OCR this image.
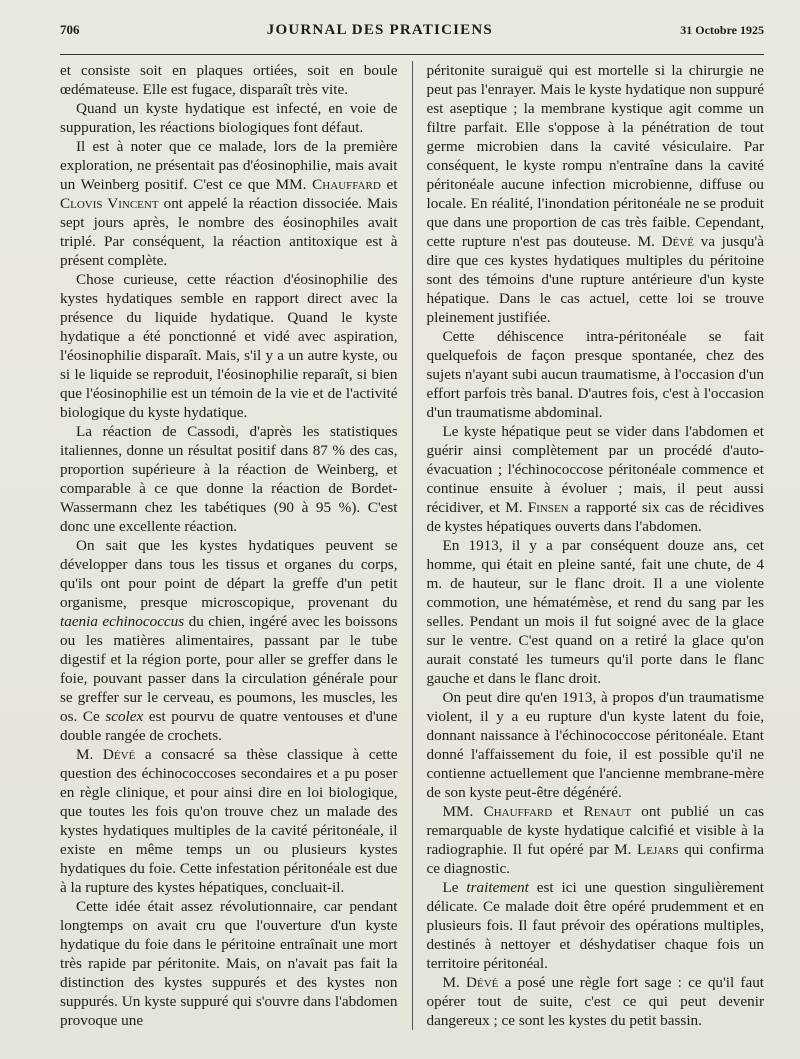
706	JOURNAL DES PRATICIENS	31 Octobre 1925

et consiste soit en plaques ortiées, soit en boule œdémateuse. Elle est fugace, disparaît très vite.

Quand un kyste hydatique est infecté, en voie de suppuration, les réactions biologiques font défaut.

Il est à noter que ce malade, lors de la première exploration, ne présentait pas d'éosinophilie, mais avait un Weinberg positif. C'est ce que MM. Chauffard et Clovis Vincent ont appelé la réaction dissociée. Mais sept jours après, le nombre des éosinophiles avait triplé. Par conséquent, la réaction antitoxique est à présent complète.

Chose curieuse, cette réaction d'éosinophilie des kystes hydatiques semble en rapport direct avec la présence du liquide hydatique. Quand le kyste hydatique a été ponctionné et vidé avec aspiration, l'éosinophilie disparaît. Mais, s'il y a un autre kyste, ou si le liquide se reproduit, l'éosinophilie reparaît, si bien que l'éosinophilie est un témoin de la vie et de l'activité biologique du kyste hydatique.

La réaction de Cassodi, d'après les statistiques italiennes, donne un résultat positif dans 87 % des cas, proportion supérieure à la réaction de Weinberg, et comparable à ce que donne la réaction de Bordet-Wassermann chez les tabétiques (90 à 95 %). C'est donc une excellente réaction.

On sait que les kystes hydatiques peuvent se développer dans tous les tissus et organes du corps, qu'ils ont pour point de départ la greffe d'un petit organisme, presque microscopique, provenant du taenia echinococcus du chien, ingéré avec les boissons ou les matières alimentaires, passant par le tube digestif et la région porte, pour aller se greffer dans le foie, pouvant passer dans la circulation générale pour se greffer sur le cerveau, es poumons, les muscles, les os. Ce scolex est pourvu de quatre ventouses et d'une double rangée de crochets.

M. Dévé a consacré sa thèse classique à cette question des échinococcoses secondaires et a pu poser en règle clinique, et pour ainsi dire en loi biologique, que toutes les fois qu'on trouve chez un malade des kystes hydatiques multiples de la cavité péritonéale, il existe en même temps un ou plusieurs kystes hydatiques du foie. Cette infestation péritonéale est due à la rupture des kystes hépatiques, concluait-il.

Cette idée était assez révolutionnaire, car pendant longtemps on avait cru que l'ouverture d'un kyste hydatique du foie dans le péritoine entraînait une mort très rapide par péritonite. Mais, on n'avait pas fait la distinction des kystes suppurés et des kystes non suppurés. Un kyste suppuré qui s'ouvre dans l'abdomen provoque une

péritonite suraiguë qui est mortelle si la chirurgie ne peut pas l'enrayer. Mais le kyste hydatique non suppuré est aseptique ; la membrane kystique agit comme un filtre parfait. Elle s'oppose à la pénétration de tout germe microbien dans la cavité vésiculaire. Par conséquent, le kyste rompu n'entraîne dans la cavité péritonéale aucune infection microbienne, diffuse ou locale. En réalité, l'inondation péritonéale ne se produit que dans une proportion de cas très faible. Cependant, cette rupture n'est pas douteuse. M. Dévé va jusqu'à dire que ces kystes hydatiques multiples du péritoine sont des témoins d'une rupture antérieure d'un kyste hépatique. Dans le cas actuel, cette loi se trouve pleinement justifiée.

Cette déhiscence intra-péritonéale se fait quelquefois de façon presque spontanée, chez des sujets n'ayant subi aucun traumatisme, à l'occasion d'un effort parfois très banal. D'autres fois, c'est à l'occasion d'un traumatisme abdominal.

Le kyste hépatique peut se vider dans l'abdomen et guérir ainsi complètement par un procédé d'auto-évacuation ; l'échinococcose péritonéale commence et continue ensuite à évoluer ; mais, il peut aussi récidiver, et M. Finsen a rapporté six cas de récidives de kystes hépatiques ouverts dans l'abdomen.

En 1913, il y a par conséquent douze ans, cet homme, qui était en pleine santé, fait une chute, de 4 m. de hauteur, sur le flanc droit. Il a une violente commotion, une hématémèse, et rend du sang par les selles. Pendant un mois il fut soigné avec de la glace sur le ventre. C'est quand on a retiré la glace qu'on aurait constaté les tumeurs qu'il porte dans le flanc gauche et dans le flanc droit.

On peut dire qu'en 1913, à propos d'un traumatisme violent, il y a eu rupture d'un kyste latent du foie, donnant naissance à l'échinococcose péritonéale. Etant donné l'affaissement du foie, il est possible qu'il ne contienne actuellement que l'ancienne membrane-mère de son kyste peut-être dégénéré.

MM. Chauffard et Renaut ont publié un cas remarquable de kyste hydatique calcifié et visible à la radiographie. Il fut opéré par M. Lejars qui confirma ce diagnostic.

Le traitement est ici une question singulièrement délicate. Ce malade doit être opéré prudemment et en plusieurs fois. Il faut prévoir des opérations multiples, destinés à nettoyer et déshydatiser chaque fois un territoire péritonéal.

M. Dévé a posé une règle fort sage : ce qu'il faut opérer tout de suite, c'est ce qui peut devenir dangereux ; ce sont les kystes du petit bassin.
